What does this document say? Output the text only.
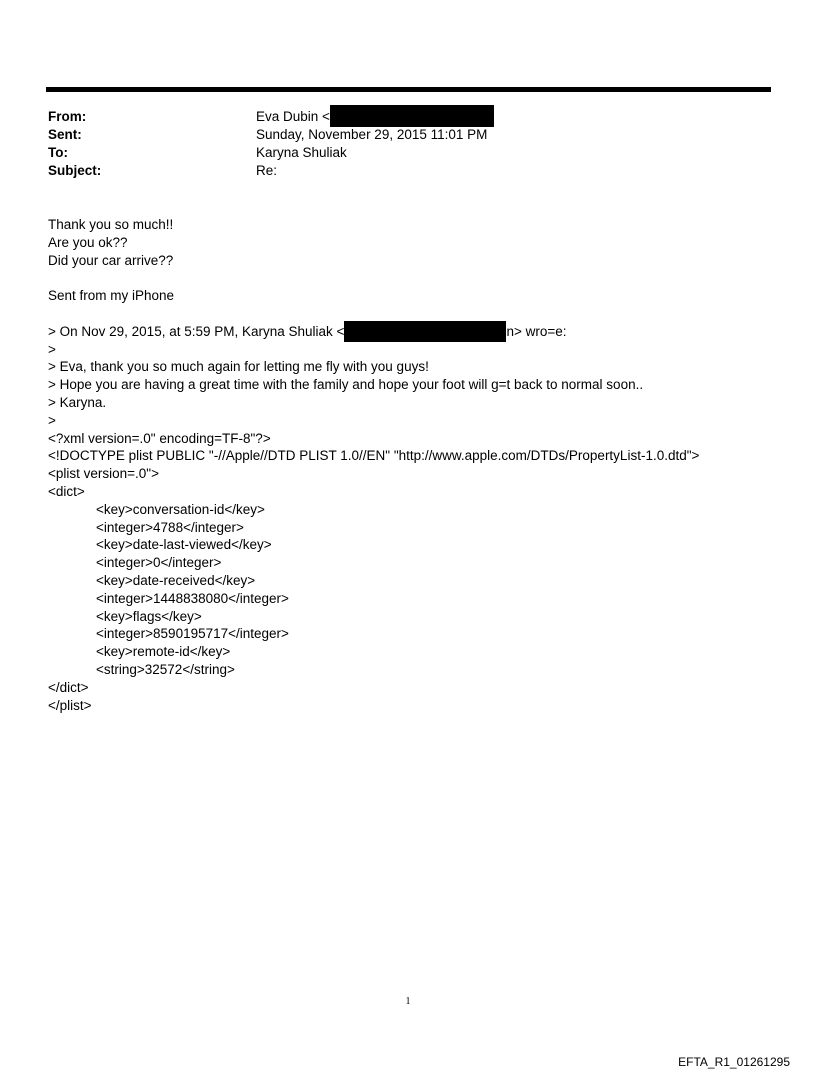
From:	Eva Dubin <
Sent:	Sunday, November 29, 2015 11:01 PM
To:	Karyna Shuliak
Subject:	Re:
Thank you so much!!
Are you ok??
Did your car arrive??
Sent from my iPhone
> On Nov 29, 2015, at 5:59 PM, Karyna Shuliak <	n> wro=e:
>
> Eva, thank you so much again for letting me fly with you guys!
> Hope you are having a great time with the family and hope your foot will g=t back to normal soon..
> Karyna.
>
<?xml version=.0" encoding=TF-8"?>
<!DOCTYPE plist PUBLIC "-//Apple//DTD PLIST 1.0//EN" "http://www.apple.com/DTDs/PropertyList-1.0.dtd">
<plist version=.0">
<dict>
<key>conversation-id</key>
<integer>4788</integer>
<key>date-last-viewed</key>
<integer>0</integer>
<key>date-received</key>
<integer>1448838080</integer>
<key>flags</key>
<integer>8590195717</integer>
<key>remote-id</key>
<string>32572</string>
</dict>
</plist>
1
EFTA_R1_01261295
